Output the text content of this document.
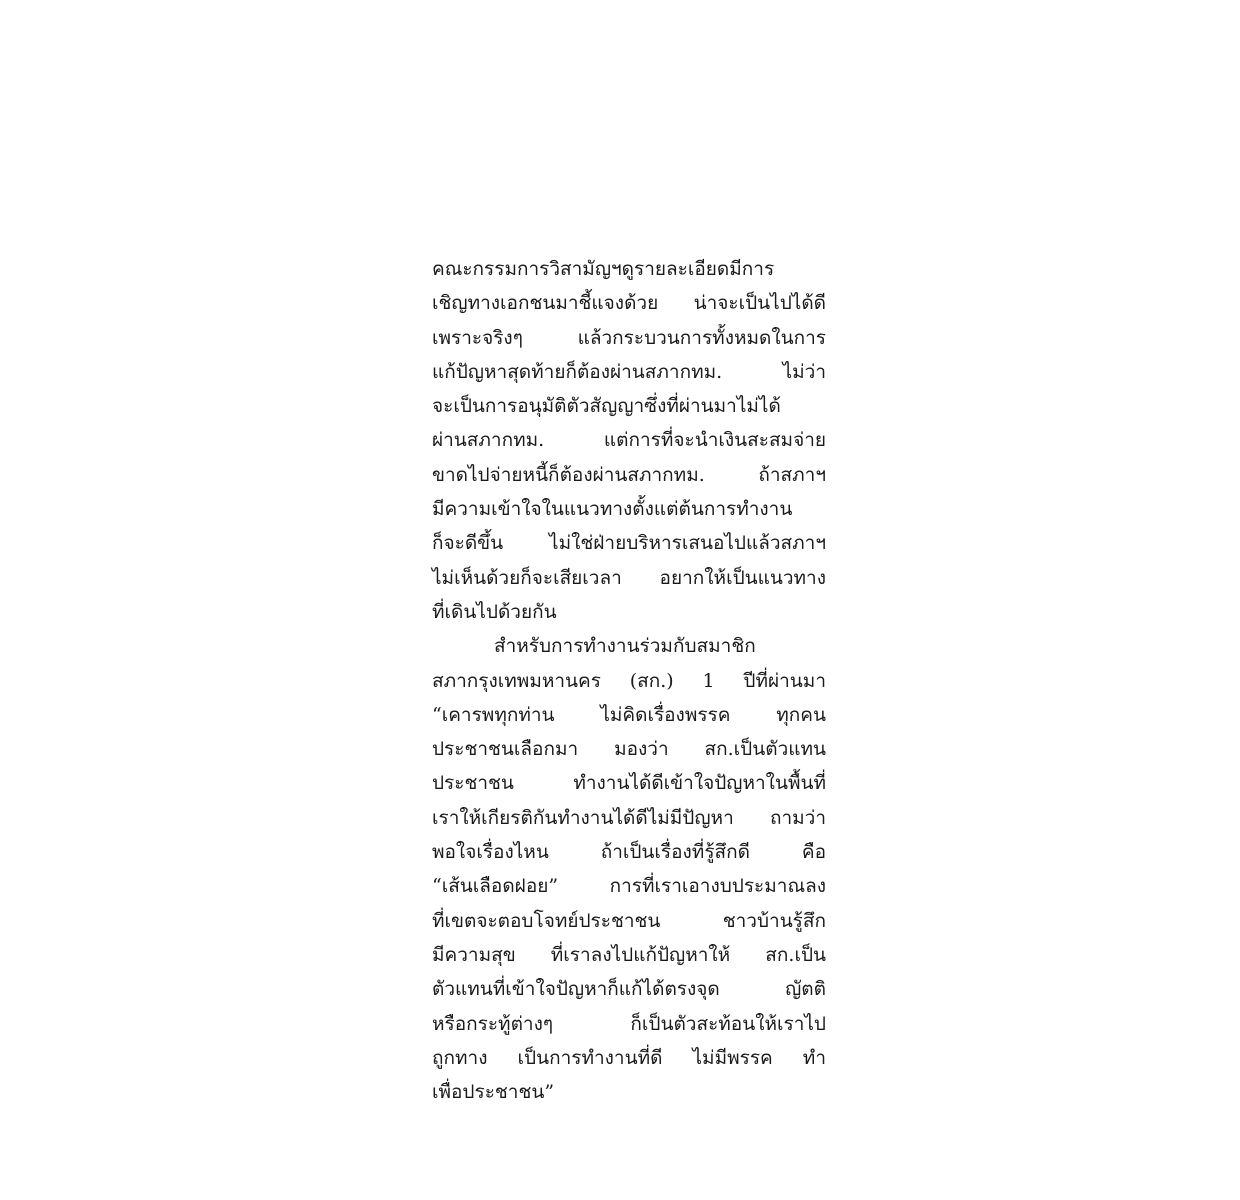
คณะกรรมการวิสามัญฯดูรายละเอียดมีการ
เชิญทางเอกชนมาชี้แจงด้วย น่าจะเป็นไปได้ดี
เพราะจริงๆ แล้วกระบวนการทั้งหมดในการ
แก้ปัญหาสุดท้ายก็ต้องผ่านสภากทม. ไม่ว่า
จะเป็นการอนุมัติตัวสัญญาซึ่งที่ผ่านมาไม่ได้
ผ่านสภากทม. แต่การที่จะนำเงินสะสมจ่าย
ขาดไปจ่ายหนี้ก็ต้องผ่านสภากทม. ถ้าสภาฯ
มีความเข้าใจในแนวทางตั้งแต่ต้นการทำงาน
ก็จะดีขึ้น ไม่ใช่ฝ่ายบริหารเสนอไปแล้วสภาฯ
ไม่เห็นด้วยก็จะเสียเวลา อยากให้เป็นแนวทาง
ที่เดินไปด้วยกัน
สำหรับการทำงานร่วมกับสมาชิก
สภากรุงเทพมหานคร (สก.) 1 ปีที่ผ่านมา
“เคารพทุกท่าน ไม่คิดเรื่องพรรค ทุกคน
ประชาชนเลือกมา มองว่า สก.เป็นตัวแทน
ประชาชน ทำงานได้ดีเข้าใจปัญหาในพื้นที่
เราให้เกียรติกันทำงานได้ดีไม่มีปัญหา ถามว่า
พอใจเรื่องไหน ถ้าเป็นเรื่องที่รู้สึกดี คือ
“เส้นเลือดฝอย” การที่เราเอางบประมาณลง
ที่เขตจะตอบโจทย์ประชาชน ชาวบ้านรู้สึก
มีความสุข ที่เราลงไปแก้ปัญหาให้ สก.เป็น
ตัวแทนที่เข้าใจปัญหาก็แก้ได้ตรงจุด ญัตติ
หรือกระทู้ต่างๆ ก็เป็นตัวสะท้อนให้เราไป
ถูกทาง เป็นการทำงานที่ดี ไม่มีพรรค ทำ
เพื่อประชาชน”
